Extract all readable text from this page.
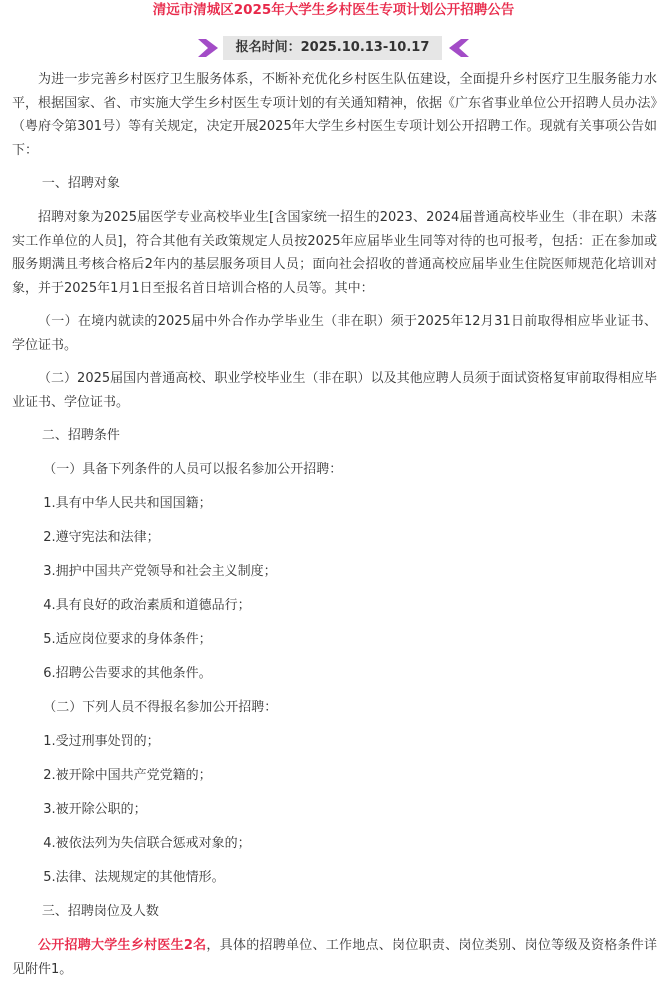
清远市清城区2025年大学生乡村医生专项计划公开招聘公告
报名时间：2025.10.13-10.17

为进一步完善乡村医疗卫生服务体系，不断补充优化乡村医生队伍建设，全面提升乡村医疗卫生服务能力水平，根据国家、省、市实施大学生乡村医生专项计划的有关通知精神，依据《广东省事业单位公开招聘人员办法》（粤府令第301号）等有关规定，决定开展2025年大学生乡村医生专项计划公开招聘工作。现就有关事项公告如下：

一、招聘对象

招聘对象为2025届医学专业高校毕业生[含国家统一招生的2023、2024届普通高校毕业生（非在职）未落实工作单位的人员]，符合其他有关政策规定人员按2025年应届毕业生同等对待的也可报考，包括：正在参加或服务期满且考核合格后2年内的基层服务项目人员；面向社会招收的普通高校应届毕业生住院医师规范化培训对象，并于2025年1月1日至报名首日培训合格的人员等。其中：

（一）在境内就读的2025届中外合作办学毕业生（非在职）须于2025年12月31日前取得相应毕业证书、学位证书。

（二）2025届国内普通高校、职业学校毕业生（非在职）以及其他应聘人员须于面试资格复审前取得相应毕业证书、学位证书。

二、招聘条件
（一）具备下列条件的人员可以报名参加公开招聘：
1.具有中华人民共和国国籍；
2.遵守宪法和法律；
3.拥护中国共产党领导和社会主义制度；
4.具有良好的政治素质和道德品行；
5.适应岗位要求的身体条件；
6.招聘公告要求的其他条件。
（二）下列人员不得报名参加公开招聘：
1.受过刑事处罚的；
2.被开除中国共产党党籍的；
3.被开除公职的；
4.被依法列为失信联合惩戒对象的；
5.法律、法规规定的其他情形。
三、招聘岗位及人数

公开招聘大学生乡村医生2名，具体的招聘单位、工作地点、岗位职责、岗位类别、岗位等级及资格条件详见附件1。
